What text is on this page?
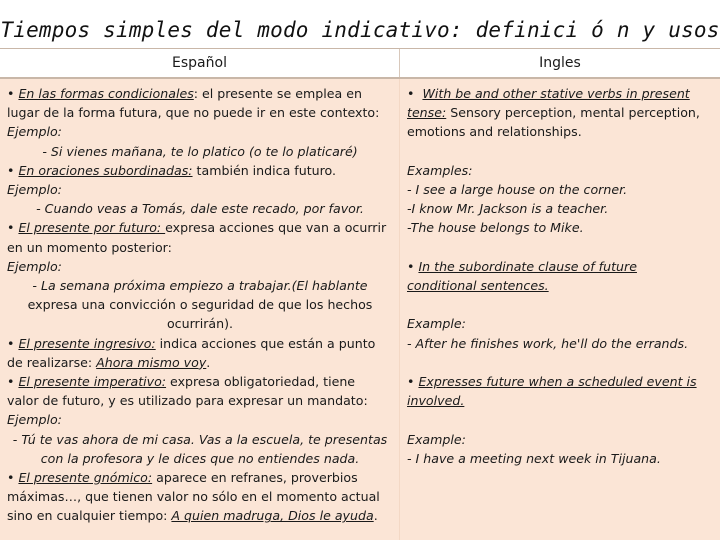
Tiempos simples del modo indicativo: definici ó n y usos
Español	Ingles
• En las formas condicionales: el presente se emplea en
lugar de la forma futura, que no puede ir en este contexto:
Ejemplo:
- Si vienes mañana, te lo platico (o te lo platicaré)
• En oraciones subordinadas: también indica futuro.
Ejemplo:
- Cuando veas a Tomás, dale este recado, por favor.
• El presente por futuro: expresa acciones que van a ocurrir
en un momento posterior:
Ejemplo:
- La semana próxima empiezo a trabajar.(El hablante
expresa una convicción o seguridad de que los hechos
ocurrirán).
• El presente ingresivo: indica acciones que están a punto
de realizarse: Ahora mismo voy.
• El presente imperativo: expresa obligatoriedad, tiene
valor de futuro, y es utilizado para expresar un mandato:
Ejemplo:
- Tú te vas ahora de mi casa. Vas a la escuela, te presentas
con la profesora y le dices que no entiendes nada.
• El presente gnómico: aparece en refranes, proverbios
máximas…, que tienen valor no sólo en el momento actual
sino en cualquier tiempo: A quien madruga, Dios le ayuda.
•  With be and other stative verbs in present
tense: Sensory perception, mental perception,
emotions and relationships.
Examples:
- I see a large house on the corner.
-I know Mr. Jackson is a teacher.
-The house belongs to Mike.
• In the subordinate clause of future
conditional sentences.
Example:
- After he finishes work, he'll do the errands.
• Expresses future when a scheduled event is
involved.
Example:
- I have a meeting next week in Tijuana.
